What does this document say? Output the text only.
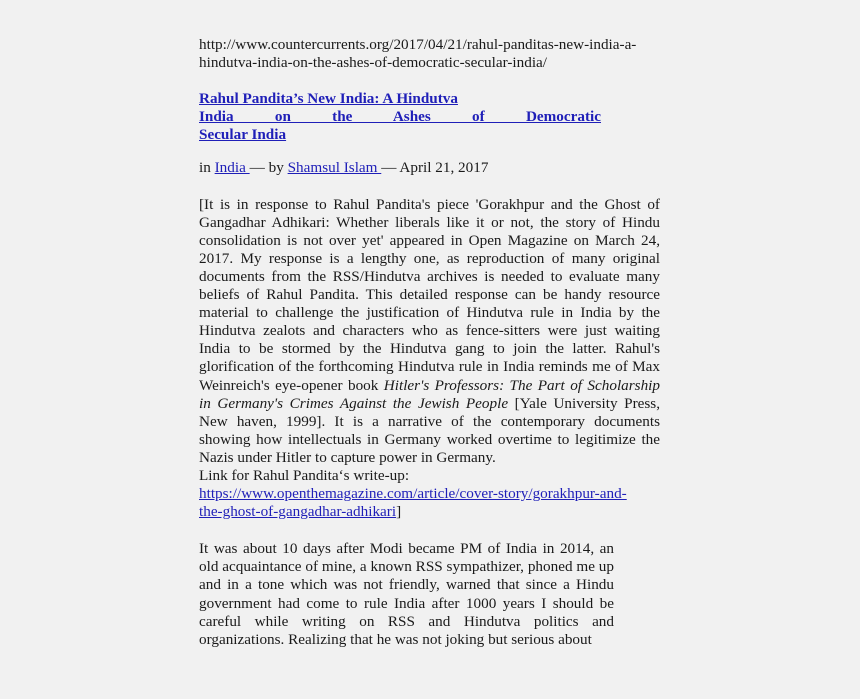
http://www.countercurrents.org/2017/04/21/rahul-panditas-new-india-a-
hindutva-india-on-the-ashes-of-democratic-secular-india/
Rahul Pandita’s New India: A Hindutva
India on the Ashes of Democratic
Secular India
in India — by Shamsul Islam — April 21, 2017

[It is in response to Rahul Pandita's piece 'Gorakhpur and the Ghost of Gangadhar Adhikari: Whether liberals like it or not, the story of Hindu consolidation is not over yet' appeared in Open Magazine on March 24, 2017. My response is a lengthy one, as reproduction of many original documents from the RSS/Hindutva archives is needed to evaluate many beliefs of Rahul Pandita. This detailed response can be handy resource material to challenge the justification of Hindutva rule in India by the Hindutva zealots and characters who as fence-sitters were just waiting India to be stormed by the Hindutva gang to join the latter. Rahul's glorification of the forthcoming Hindutva rule in India reminds me of Max Weinreich's eye-opener book Hitler's Professors: The Part of Scholarship in Germany's Crimes Against the Jewish People [Yale University Press, New haven, 1999]. It is a narrative of the contemporary documents showing how intellectuals in Germany worked overtime to legitimize the Nazis under Hitler to capture power in Germany.

Link for Rahul Pandita‘s write-up:
https://www.openthemagazine.com/article/cover-story/gorakhpur-and-
the-ghost-of-gangadhar-adhikari]

It was about 10 days after Modi became PM of India in 2014, an old acquaintance of mine, a known RSS sympathizer, phoned me up and in a tone which was not friendly, warned that since a Hindu government had come to rule India after 1000 years I should be careful while writing on RSS and Hindutva politics and organizations. Realizing that he was not joking but serious about
